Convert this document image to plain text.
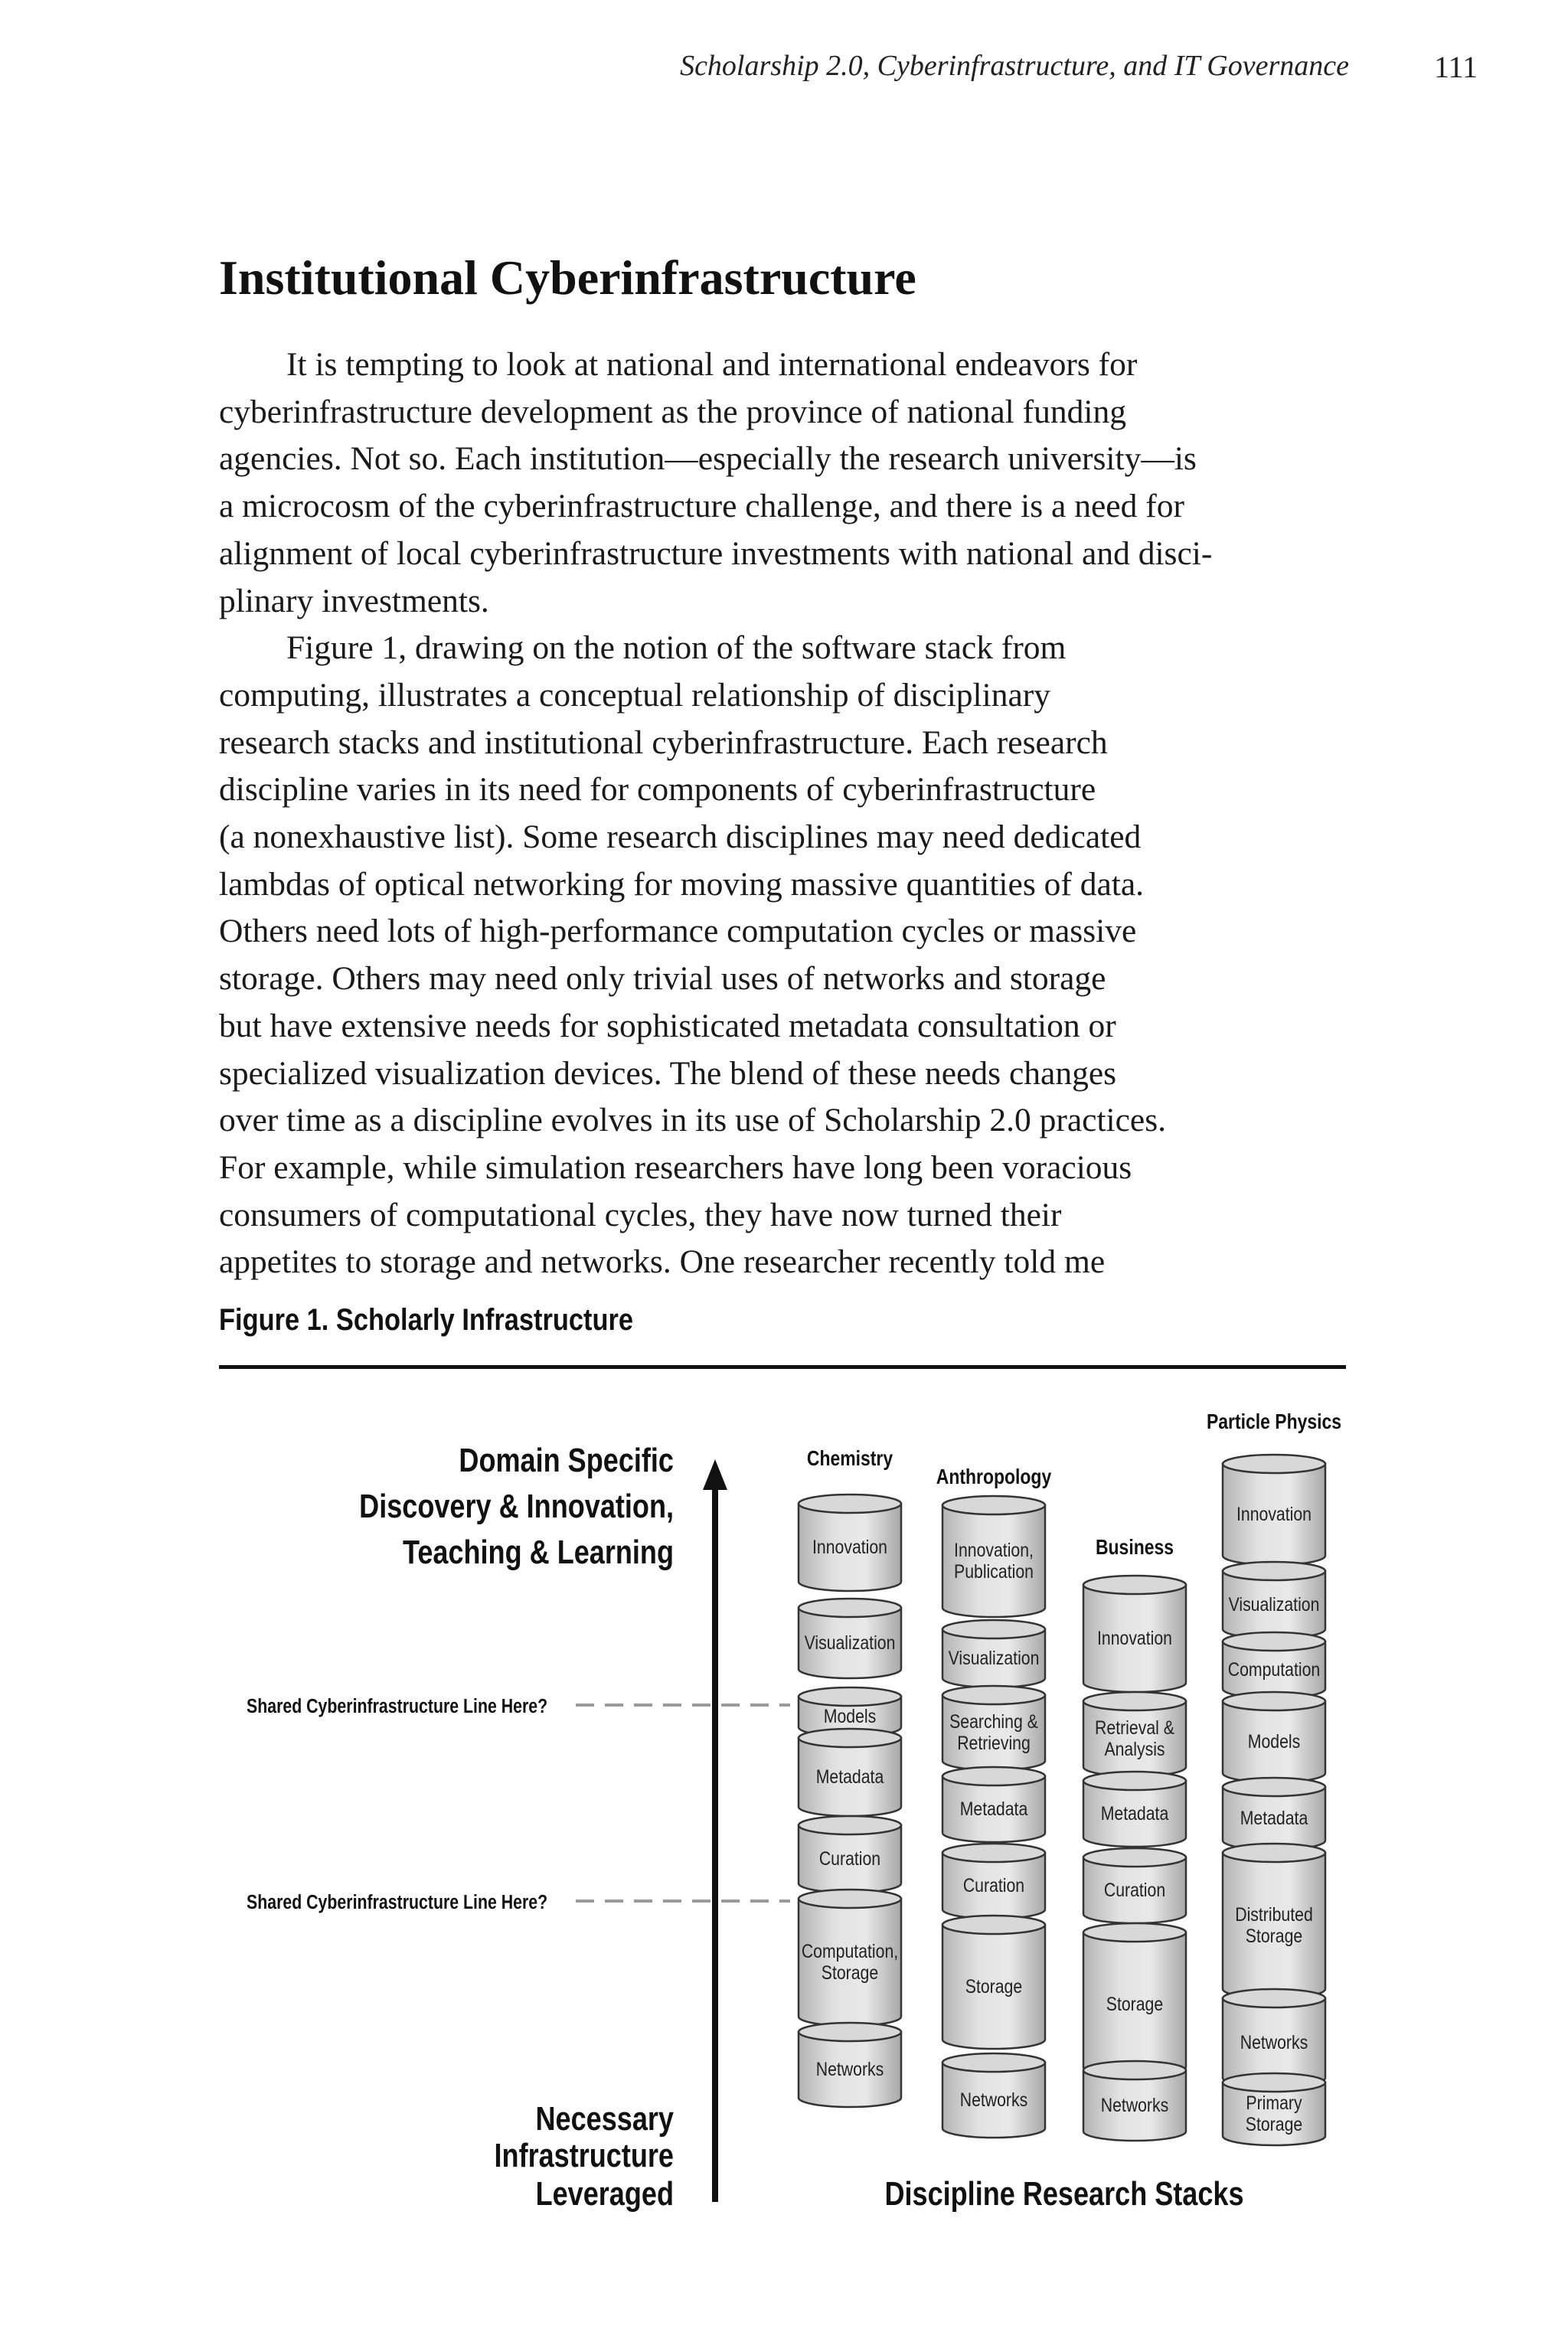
Scholarship 2.0, Cyberinfrastructure, and IT Governance	111
Institutional Cyberinfrastructure
It is tempting to look at national and international endeavors for
cyberinfrastructure development as the province of national funding
agencies. Not so. Each institution—especially the research university—is
a microcosm of the cyberinfrastructure challenge, and there is a need for
alignment of local cyberinfrastructure investments with national and disci-
plinary investments.
Figure 1, drawing on the notion of the software stack from
computing, illustrates a conceptual relationship of disciplinary
research stacks and institutional cyberinfrastructure. Each research
discipline varies in its need for components of cyberinfrastructure
(a nonexhaustive list). Some research disciplines may need dedicated
lambdas of optical networking for moving massive quantities of data.
Others need lots of high-performance computation cycles or massive
storage. Others may need only trivial uses of networks and storage
but have extensive needs for sophisticated metadata consultation or
specialized visualization devices. The blend of these needs changes
over time as a discipline evolves in its use of Scholarship 2.0 practices.
For example, while simulation researchers have long been voracious
consumers of computational cycles, they have now turned their
appetites to storage and networks. One researcher recently told me
Figure 1. Scholarly Infrastructure
Domain Specific
Discovery & Innovation,
Teaching & Learning
Necessary
Infrastructure
Leveraged
Shared Cyberinfrastructure Line Here?
Shared Cyberinfrastructure Line Here?
Discipline Research Stacks
Chemistry
Innovation
Visualization
Models
Metadata
Curation
Computation,
Storage
Networks
Anthropology
Innovation,
Publication
Visualization
Searching &
Retrieving
Metadata
Curation
Storage
Networks
Business
Innovation
Retrieval &
Analysis
Metadata
Curation
Storage
Networks
Particle Physics
Innovation
Visualization
Computation
Models
Metadata
Distributed
Storage
Networks
Primary
Storage
